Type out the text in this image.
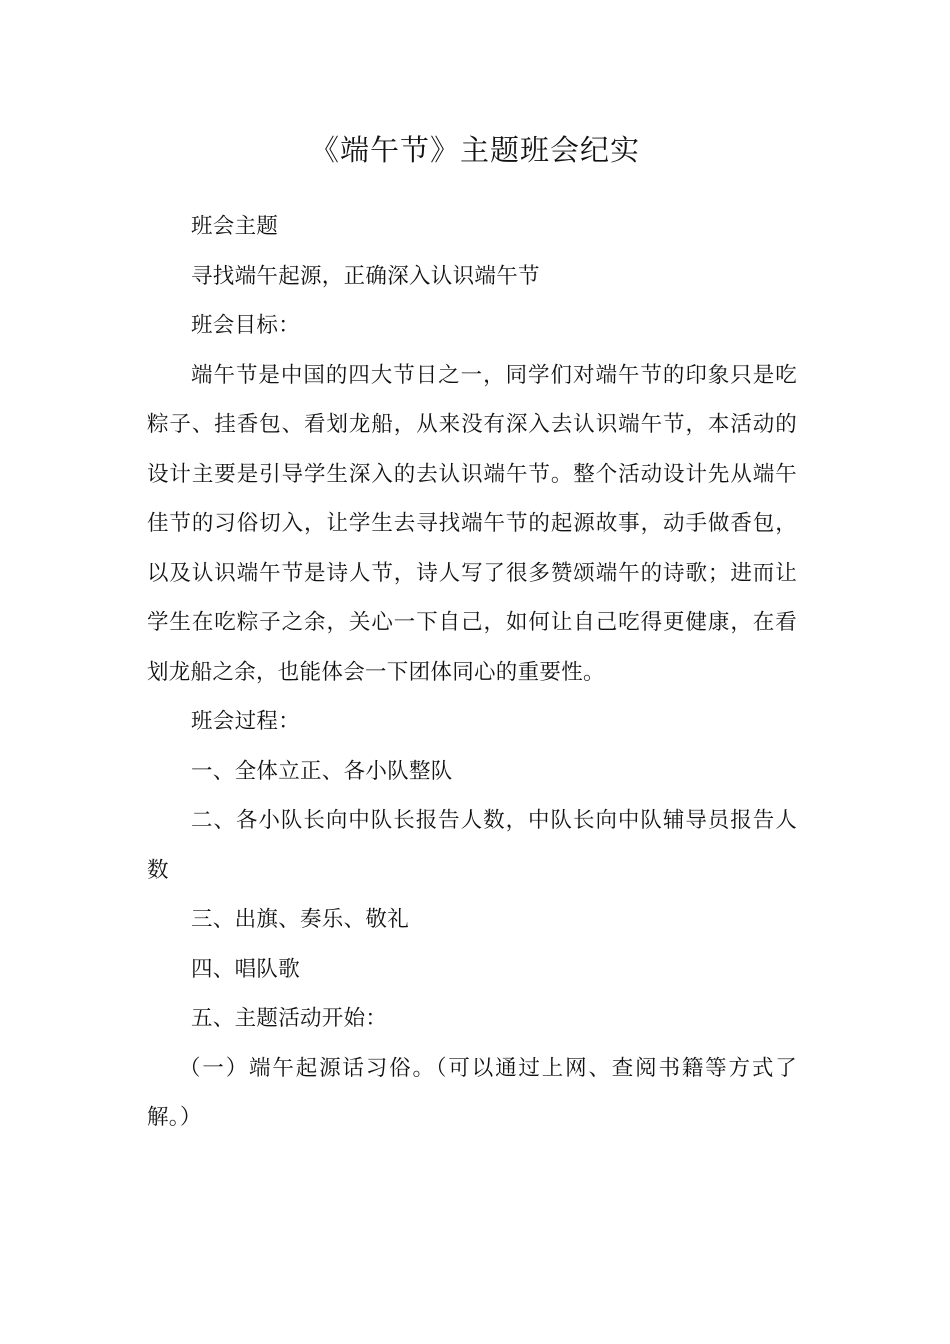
《端午节》主题班会纪实

班会主题

寻找端午起源，正确深入认识端午节

班会目标：

端午节是中国的四大节日之一，同学们对端午节的印象只是吃粽子、挂香包、看划龙船，从来没有深入去认识端午节，本活动的设计主要是引导学生深入的去认识端午节。整个活动设计先从端午佳节的习俗切入，让学生去寻找端午节的起源故事，动手做香包，以及认识端午节是诗人节，诗人写了很多赞颂端午的诗歌；进而让学生在吃粽子之余，关心一下自己，如何让自己吃得更健康，在看划龙船之余，也能体会一下团体同心的重要性。

班会过程：

一、全体立正、各小队整队

二、各小队长向中队长报告人数，中队长向中队辅导员报告人数

三、出旗、奏乐、敬礼

四、唱队歌

五、主题活动开始：

（一）端午起源话习俗。（可以通过上网、查阅书籍等方式了解。）
